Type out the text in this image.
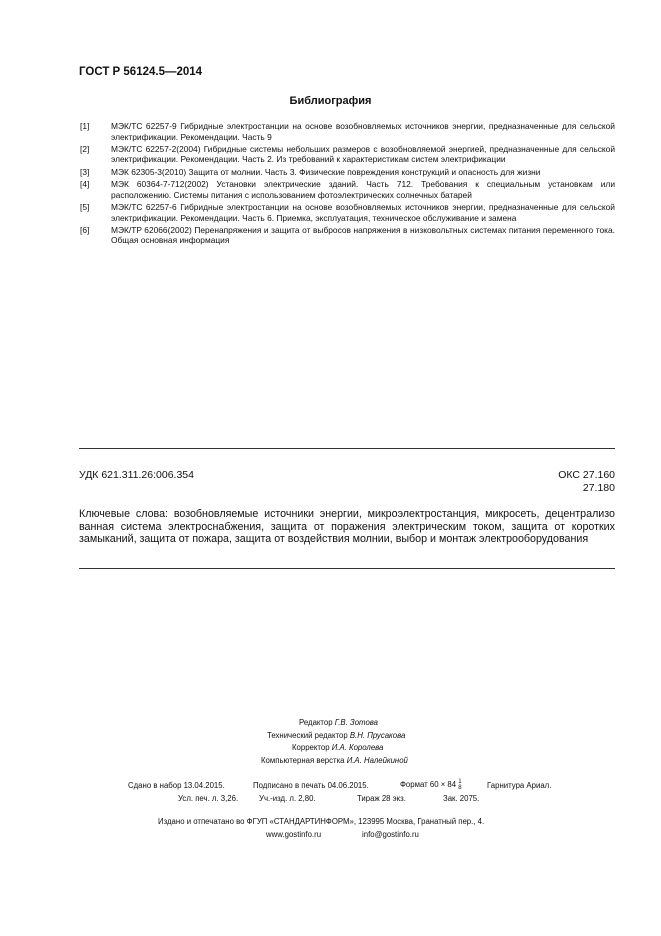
ГОСТ Р 56124.5—2014
Библиография
[1]	МЭК/ТС 62257-9 Гибридные электростанции на основе возобновляемых источников энергии, предназначенные для сельской электрификации. Рекомендации. Часть 9
[2]	МЭК/ТС 62257-2(2004) Гибридные системы небольших размеров с возобновляемой энергией, предназначенные для сельской электрификации. Рекомендации. Часть 2. Из требований к характеристикам систем электрификации
[3]	МЭК 62305-3(2010) Защита от молнии. Часть 3. Физические повреждения конструкций и опасность для жизни
[4]	МЭК 60364-7-712(2002) Установки электрические зданий. Часть 712. Требования к специальным установкам или расположению. Системы питания с использованием фотоэлектрических солнечных батарей
[5]	МЭК/ТС 62257-6 Гибридные электростанции на основе возобновляемых источников энергии, предназначенные для сельской электрификации. Рекомендации. Часть 6. Приемка, эксплуатация, техническое обслуживание и замена
[6]	МЭК/TP 62066(2002) Перенапряжения и защита от выбросов напряжения в низковольтных системах питания переменного тока. Общая основная информация
УДК 621.311.26:006.354	ОКС 27.160
27.180
Ключевые слова: возобновляемые источники энергии, микроэлектростанция, микросеть, децентрализо
ванная система электроснабжения, защита от поражения электрическим током, защита от коротких
замыканий, защита от пожара, защита от воздействия молнии, выбор и монтаж электрооборудования
Редактор Г.В. Зотова
Технический редактор В.Н. Прусакова
Корректор И.А. Королева
Компьютерная верстка И.А. Налейкиной
Сдано в набор 13.04.2015.	Подписано в печать 04.06.2015.	Формат 60 × 84 1
8	Гарнитура Ариал.
Усл. печ. л. 3,26.	Уч.-изд. л. 2,80.	Тираж 28 экз.	Зак. 2075.
Издано и отпечатано во ФГУП «СТАНДАРТИНФОРМ», 123995 Москва, Гранатный пер., 4.
www.gostinfo.ru	info@gostinfo.ru
